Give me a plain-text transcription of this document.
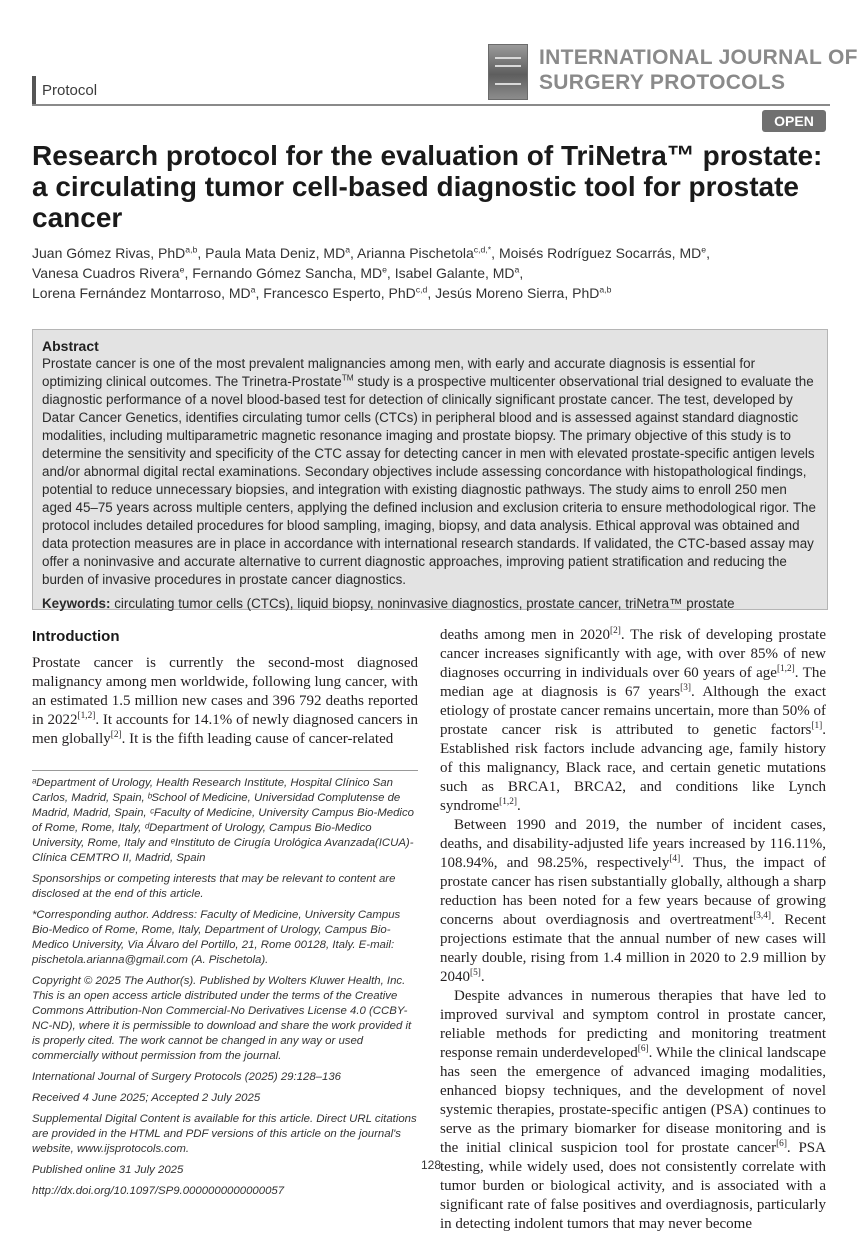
Protocol
INTERNATIONAL JOURNAL OF
SURGERY PROTOCOLS
OPEN
Research protocol for the evaluation of TriNetra™ prostate: a circulating tumor cell-based diagnostic tool for prostate cancer
Juan Gómez Rivas, PhD$^{a,b}$, Paula Mata Deniz, $MD^a$, Arianna Pischetola$^{c,d,*}$, Moisés Rodríguez Socarrás, MDe,
Vanesa Cuadros Rivera$^e$, Fernando Gómez Sancha, MDe, Isabel Galante, $MD^a$,
Lorena Fernández Montarroso, $MD^a$, Francesco Esperto, PhD$^{c,d}$, Jesús Moreno Sierra, PhD$^{a,b}$
Abstract
Prostate cancer is one of the most prevalent malignancies among men, with early and accurate diagnosis is essential for optimizing clinical outcomes. The Trinetra-Prostate™ study is a prospective multicenter observational trial designed to evaluate the diagnostic performance of a novel blood-based test for detection of clinically significant prostate cancer. The test, developed by Datar Cancer Genetics, identifies circulating tumor cells (CTCs) in peripheral blood and is assessed against standard diagnostic modalities, including multiparametric magnetic resonance imaging and prostate biopsy. The primary objective of this study is to determine the sensitivity and specificity of the CTC assay for detecting cancer in men with elevated prostate-specific antigen levels and/or abnormal digital rectal examinations. Secondary objectives include assessing concordance with histopathological findings, potential to reduce unnecessary biopsies, and integration with existing diagnostic pathways. The study aims to enroll 250 men aged 45–75 years across multiple centers, applying the defined inclusion and exclusion criteria to ensure methodological rigor. The protocol includes detailed procedures for blood sampling, imaging, biopsy, and data analysis. Ethical approval was obtained and data protection measures are in place in accordance with international research standards. If validated, the CTC-based assay may offer a noninvasive and accurate alternative to current diagnostic approaches, improving patient stratification and reducing the burden of invasive procedures in prostate cancer diagnostics.
Keywords: circulating tumor cells (CTCs), liquid biopsy, noninvasive diagnostics, prostate cancer, triNetra™ prostate
Introduction

Prostate cancer is currently the second-most diagnosed malignancy among men worldwide, following lung cancer, with an estimated 1.5 million new cases and 396 792 deaths reported in 2022[1,2]. It accounts for 14.1% of newly diagnosed cancers in men globally[2]. It is the fifth leading cause of cancer-related

ᵃDepartment of Urology, Health Research Institute, Hospital Clínico San Carlos, Madrid, Spain, ᵇSchool of Medicine, Universidad Complutense de Madrid, Madrid, Spain, ᶜFaculty of Medicine, University Campus Bio-Medico of Rome, Rome, Italy, ᵈDepartment of Urology, Campus Bio-Medico University, Rome, Italy and ᵉInstituto de Cirugía Urológica Avanzada(ICUA)- Clínica CEMTRO II, Madrid, Spain

Sponsorships or competing interests that may be relevant to content are disclosed at the end of this article.

*Corresponding author. Address: Faculty of Medicine, University Campus Bio-Medico of Rome, Rome, Italy, Department of Urology, Campus Bio-Medico University, Via Álvaro del Portillo, 21, Rome 00128, Italy. E-mail: pischetola.arianna@gmail.com (A. Pischetola).

Copyright © 2025 The Author(s). Published by Wolters Kluwer Health, Inc. This is an open access article distributed under the terms of the Creative Commons Attribution-Non Commercial-No Derivatives License 4.0 (CCBY-NC-ND), where it is permissible to download and share the work provided it is properly cited. The work cannot be changed in any way or used commercially without permission from the journal.

International Journal of Surgery Protocols (2025) 29:128–136

Received 4 June 2025; Accepted 2 July 2025

Supplemental Digital Content is available for this article. Direct URL citations are provided in the HTML and PDF versions of this article on the journal's website, www.ijsprotocols.com.

Published online 31 July 2025

http://dx.doi.org/10.1097/SP9.0000000000000057

deaths among men in 2020[2]. The risk of developing prostate cancer increases significantly with age, with over 85% of new diagnoses occurring in individuals over 60 years of age[1,2]. The median age at diagnosis is 67 years[3]. Although the exact etiology of prostate cancer remains uncertain, more than 50% of prostate cancer risk is attributed to genetic factors[1]. Established risk factors include advancing age, family history of this malignancy, Black race, and certain genetic mutations such as BRCA1, BRCA2, and conditions like Lynch syndrome[1,2].

Between 1990 and 2019, the number of incident cases, deaths, and disability-adjusted life years increased by 116.11%, 108.94%, and 98.25%, respectively[4]. Thus, the impact of prostate cancer has risen substantially globally, although a sharp reduction has been noted for a few years because of growing concerns about overdiagnosis and overtreatment[3,4]. Recent projections estimate that the annual number of new cases will nearly double, rising from 1.4 million in 2020 to 2.9 million by 2040[5].

Despite advances in numerous therapies that have led to improved survival and symptom control in prostate cancer, reliable methods for predicting and monitoring treatment response remain underdeveloped[6]. While the clinical landscape has seen the emergence of advanced imaging modalities, enhanced biopsy techniques, and the development of novel systemic therapies, prostate-specific antigen (PSA) continues to serve as the primary biomarker for disease monitoring and is the initial clinical suspicion tool for prostate cancer[6]. PSA testing, while widely used, does not consistently correlate with tumor burden or biological activity, and is associated with a significant rate of false positives and overdiagnosis, particularly in detecting indolent tumors that may never become

128
